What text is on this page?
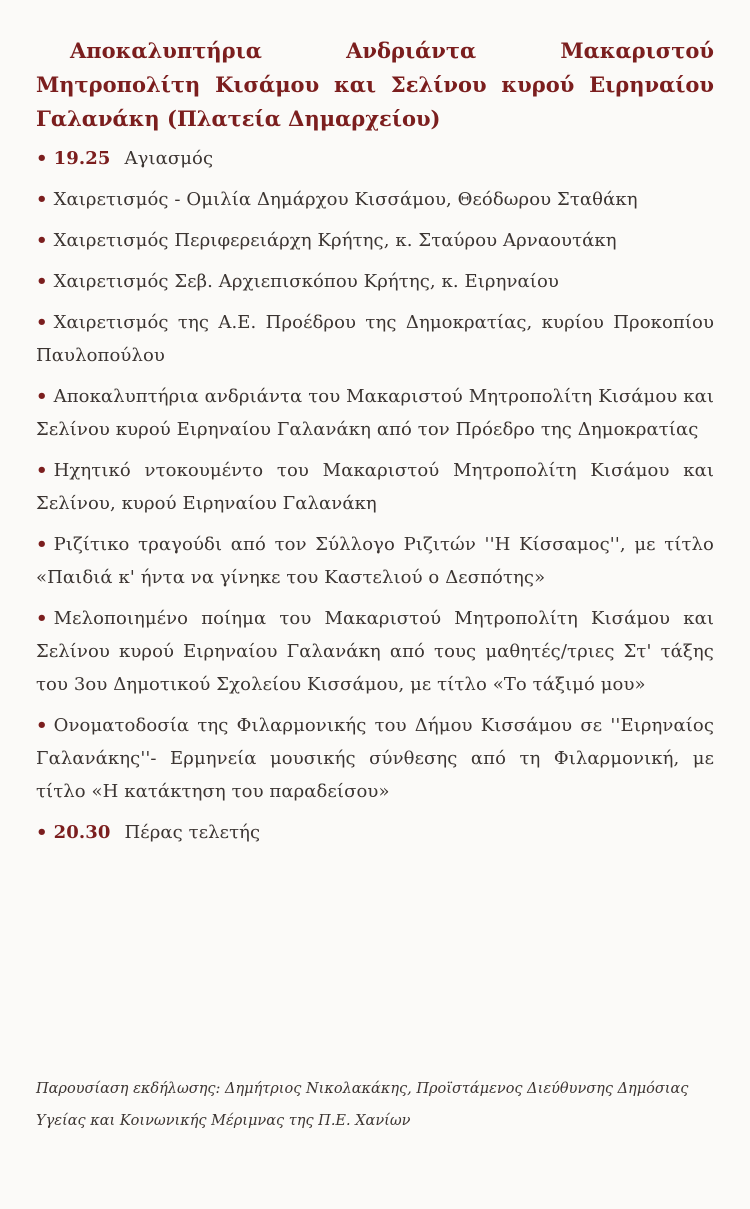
Αποκαλυπτήρια Ανδριάντα Μακαριστού Μητροπολίτη Κισάμου και Σελίνου κυρού Ειρηναίου Γαλανάκη (Πλατεία Δημαρχείου)

• 19.25 Αγιασμός

• Χαιρετισμός - Ομιλία Δημάρχου Κισσάμου, Θεόδωρου Σταθάκη

• Χαιρετισμός Περιφερειάρχη Κρήτης, κ. Σταύρου Αρναουτάκη

• Χαιρετισμός Σεβ. Αρχιεπισκόπου Κρήτης, κ. Ειρηναίου

• Χαιρετισμός της Α.Ε. Προέδρου της Δημοκρατίας, κυρίου Προκοπίου Παυλοπούλου

• Αποκαλυπτήρια ανδριάντα του Μακαριστού Μητροπολίτη Κισάμου και Σελίνου κυρού Ειρηναίου Γαλανάκη από τον Πρόεδρο της Δημοκρατίας

• Ηχητικό ντοκουμέντο του Μακαριστού Μητροπολίτη Κισάμου και Σελίνου, κυρού Ειρηναίου Γαλανάκη

• Ριζίτικο τραγούδι από τον Σύλλογο Ριζιτών ''Η Κίσσαμος'', με τίτλο «Παιδιά κ' ήντα να γίνηκε του Καστελιού ο Δεσπότης»

• Μελοποιημένο ποίημα του Μακαριστού Μητροπολίτη Κισάμου και Σελίνου κυρού Ειρηναίου Γαλανάκη από τους μαθητές/τριες Στ' τάξης του 3ου Δημοτικού Σχολείου Κισσάμου, με τίτλο «Το τάξιμό μου»

• Ονοματοδοσία της Φιλαρμονικής του Δήμου Κισσάμου σε ''Ειρηναίος Γαλανάκης''- Ερμηνεία μουσικής σύνθεσης από τη Φιλαρμονική, με τίτλο «Η κατάκτηση του παραδείσου»

• 20.30 Πέρας τελετής

Παρουσίαση εκδήλωσης: Δημήτριος Νικολακάκης, Προϊστάμενος Διεύθυνσης Δημόσιας Υγείας και Κοινωνικής Μέριμνας της Π.Ε. Χανίων
